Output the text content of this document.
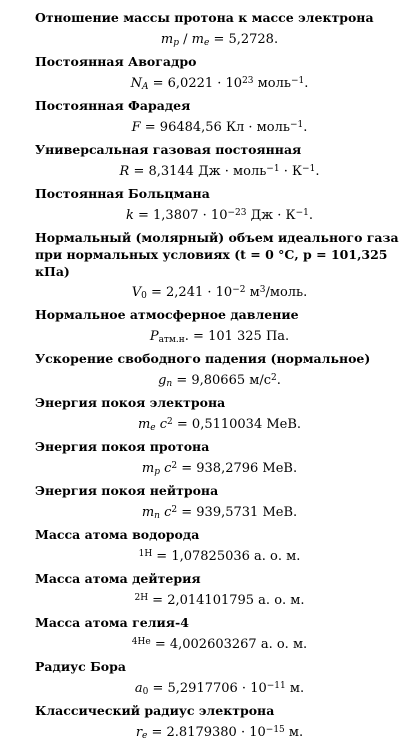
Отношение массы протона к массе электрона
$m_p / m_e = 5,2728$.
Постоянная Авогадро
$N_A = 6,0221 \cdot 10^{23}$ моль$^{-1}$.
Постоянная Фарадея
F = 96484,56 Кл · моль$^{-1}$.
Универсальная газовая постоянная
R = 8,3144 Дж · моль$^{-1}$ · $К^{-1}$.
Постоянная Больцмана
$k = 1,3807 \cdot 10^{-23}$ Дж · $К^{-1}$.
Нормальный (молярный) объем идеального газа при нормальных условиях (t = 0 °С, p = 101,325 кПа)
$V_0 = 2,241 \cdot 10^{-2}$ $м^3$/моль.
Нормальное атмосферное давление
$P_{атм.н}$. = 101 325 Па.
Ускорение свободного падения (нормальное)
$g_n = 9,80665$ $м/с^2$.
Энергия покоя электрона
$m_e$ $c^2 = 0,5110034$ МеВ.
Энергия покоя протона
$m_p$ $c^2 = 938,2796$ МеВ.
Энергия покоя нейтрона
$m_n$ $c^2 = 939,5731$ МеВ.
Масса атома водорода
$^{1H}$ = 1,07825036 а. о. м.
Масса атома дейтерия
$^{2H}$ = 2,014101795 а. о. м.
Масса атома гелия-4
$^{4He}$ = 4,002603267 а. о. м.
Радиус Бора
$a_0 = 5,2917706 \cdot 10^{-11}$ м.
Классический радиус электрона
$r_e = 2.8179380 \cdot 10^{-15}$ м.
